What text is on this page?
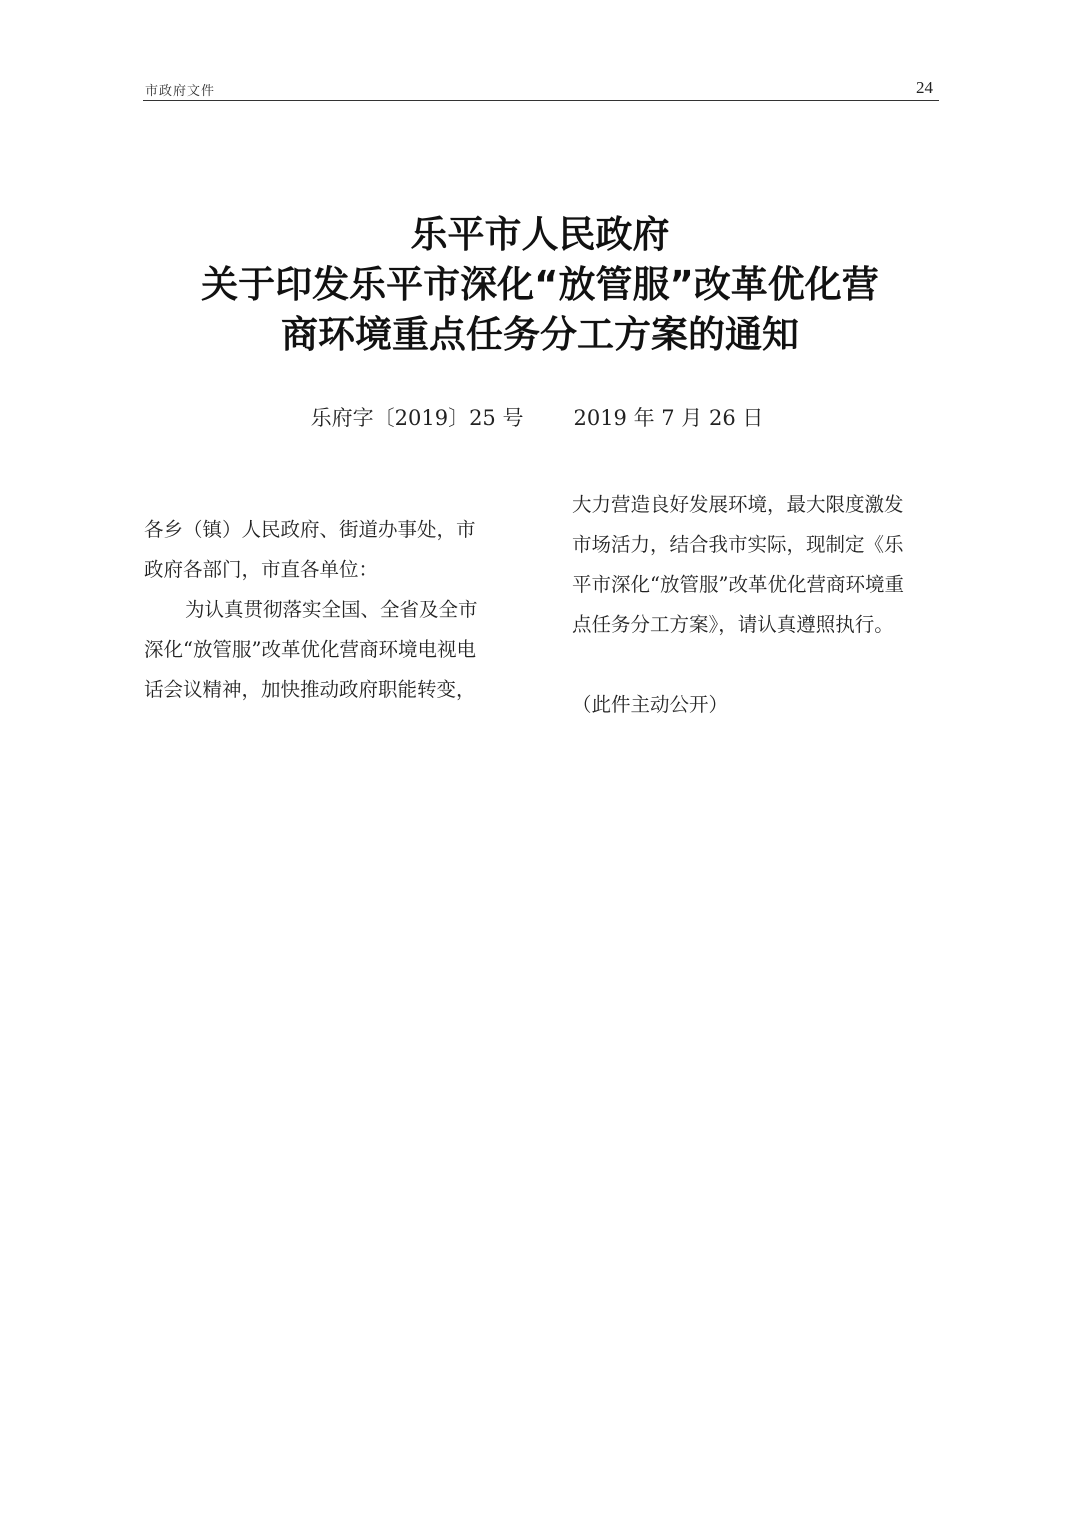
市政府文件	24
乐平市人民政府
关于印发乐平市深化“放管服”改革优化营
商环境重点任务分工方案的通知
乐府字〔2019〕25 号 2019 年 7 月 26 日

各乡（镇）人民政府、街道办事处，市

政府各部门，市直各单位：

为认真贯彻落实全国、全省及全市

深化“放管服”改革优化营商环境电视电

话会议精神，加快推动政府职能转变，

大力营造良好发展环境，最大限度激发

市场活力，结合我市实际，现制定《乐

平市深化“放管服”改革优化营商环境重

点任务分工方案》，请认真遵照执行。

（此件主动公开）
